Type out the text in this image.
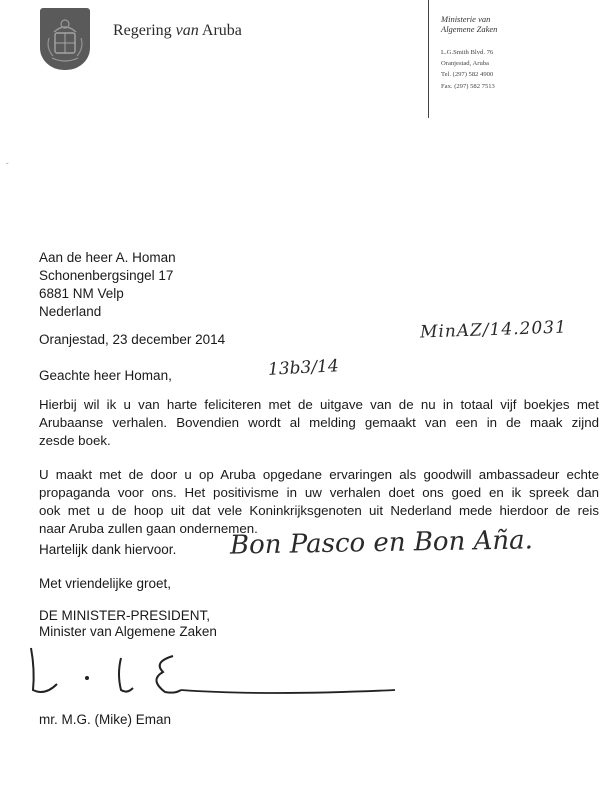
Regering van Aruba
Ministerie van
Algemene Zaken
L.G.Smith Blvd. 76
Oranjestad, Aruba
Tel. (297) 582 4900
Fax. (297) 582 7513
ˇ
Aan de heer A. Homan
Schonenbergsingel 17
6881 NM Velp
Nederland
Oranjestad, 23 december 2014	MinAZ/14.2031
Geachte heer Homan,	13b3/14
Hierbij wil ik u van harte feliciteren met de uitgave van de nu in totaal vijf boekjes met
Arubaanse verhalen. Bovendien wordt al melding gemaakt van een in de maak zijnd
zesde boek.
U maakt met de door u op Aruba opgedane ervaringen als goodwill ambassadeur echte
propaganda voor ons. Het positivisme in uw verhalen doet ons goed en ik spreek dan
ook met u de hoop uit dat vele Koninkrijksgenoten uit Nederland mede hierdoor de reis
naar Aruba zullen gaan ondernemen.
Hartelijk dank hiervoor. Bon Pasco en Bon Aña.
Met vriendelijke groet,
DE MINISTER-PRESIDENT,
Minister van Algemene Zaken
mr. M.G. (Mike) Eman
